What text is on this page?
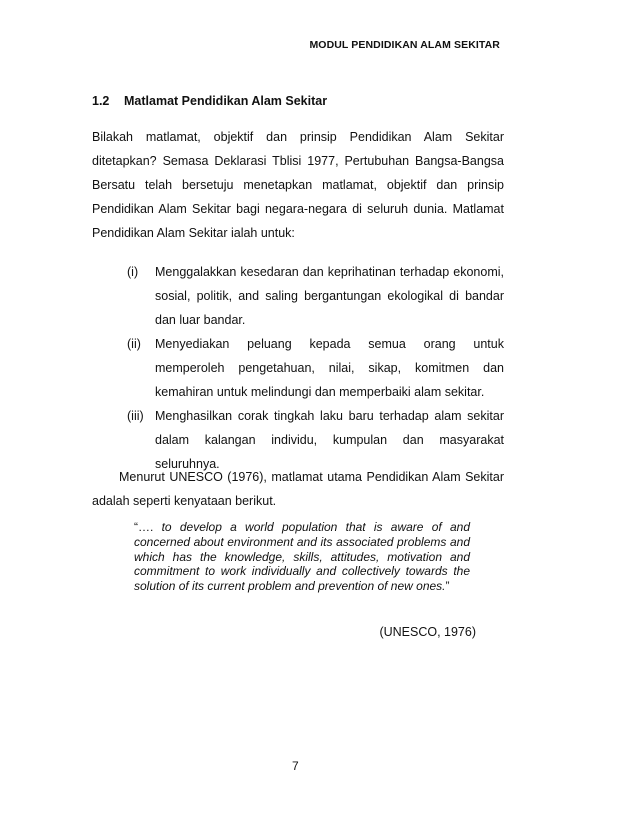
MODUL PENDIDIKAN ALAM SEKITAR
1.2 Matlamat Pendidikan Alam Sekitar
Bilakah matlamat, objektif dan prinsip Pendidikan Alam Sekitar ditetapkan? Semasa Deklarasi Tblisi 1977, Pertubuhan Bangsa-Bangsa Bersatu telah bersetuju menetapkan matlamat, objektif dan prinsip Pendidikan Alam Sekitar bagi negara-negara di seluruh dunia. Matlamat Pendidikan Alam Sekitar ialah untuk:
(i) Menggalakkan kesedaran dan keprihatinan terhadap ekonomi, sosial, politik, and saling bergantungan ekologikal di bandar dan luar bandar.
(ii) Menyediakan peluang kepada semua orang untuk memperoleh pengetahuan, nilai, sikap, komitmen dan kemahiran untuk melindungi dan memperbaiki alam sekitar.
(iii) Menghasilkan corak tingkah laku baru terhadap alam sekitar dalam kalangan individu, kumpulan dan masyarakat seluruhnya.
Menurut UNESCO (1976), matlamat utama Pendidikan Alam Sekitar adalah seperti kenyataan berikut.
“…. to develop a world population that is aware of and concerned about environment and its associated problems and which has the knowledge, skills, attitudes, motivation and commitment to work individually and collectively towards the solution of its current problem and prevention of new ones.”
(UNESCO, 1976)
7
